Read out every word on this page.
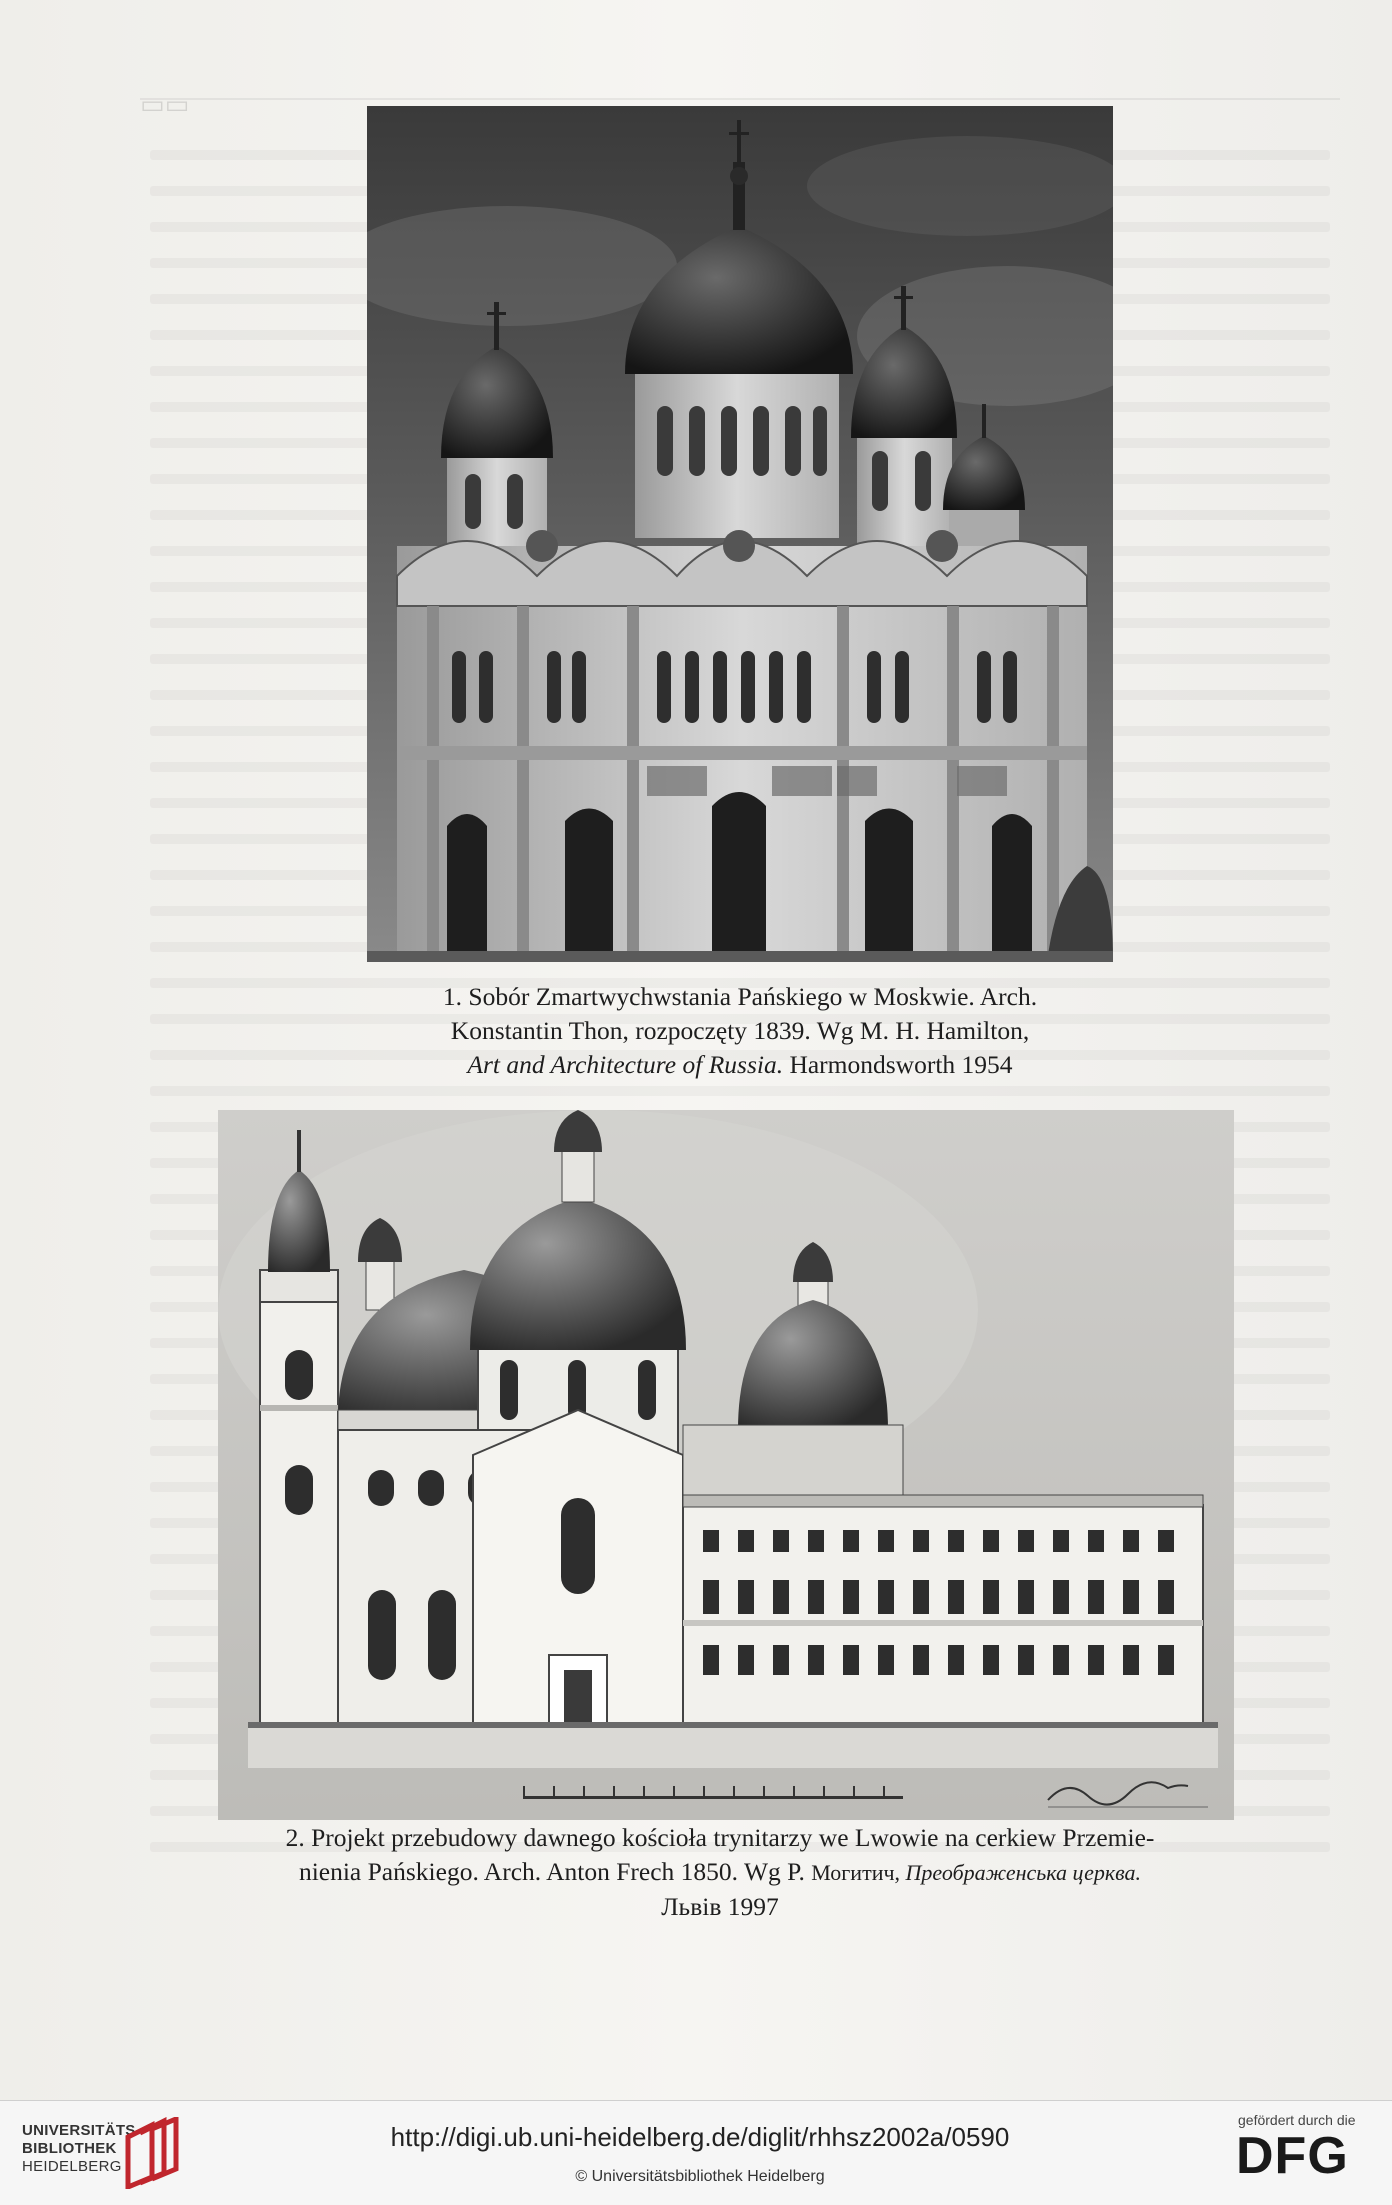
▭▭
1. Sobór Zmartwychwstania Pańskiego w Moskwie. Arch.
Konstantin Thon, rozpoczęty 1839. Wg M. H. Hamilton,
Art and Architecture of Russia. Harmondsworth 1954
2. Projekt przebudowy dawnego kościoła trynitarzy we Lwowie na cerkiew Przemie-
nienia Pańskiego. Arch. Anton Frech 1850. Wg P. Могитич, Преображенська церква.
Львів 1997
UNIVERSITÄTS-
BIBLIOTHEK
HEIDELBERG
http://digi.ub.uni-heidelberg.de/diglit/rhhsz2002a/0590
© Universitätsbibliothek Heidelberg
gefördert durch die
DFG
